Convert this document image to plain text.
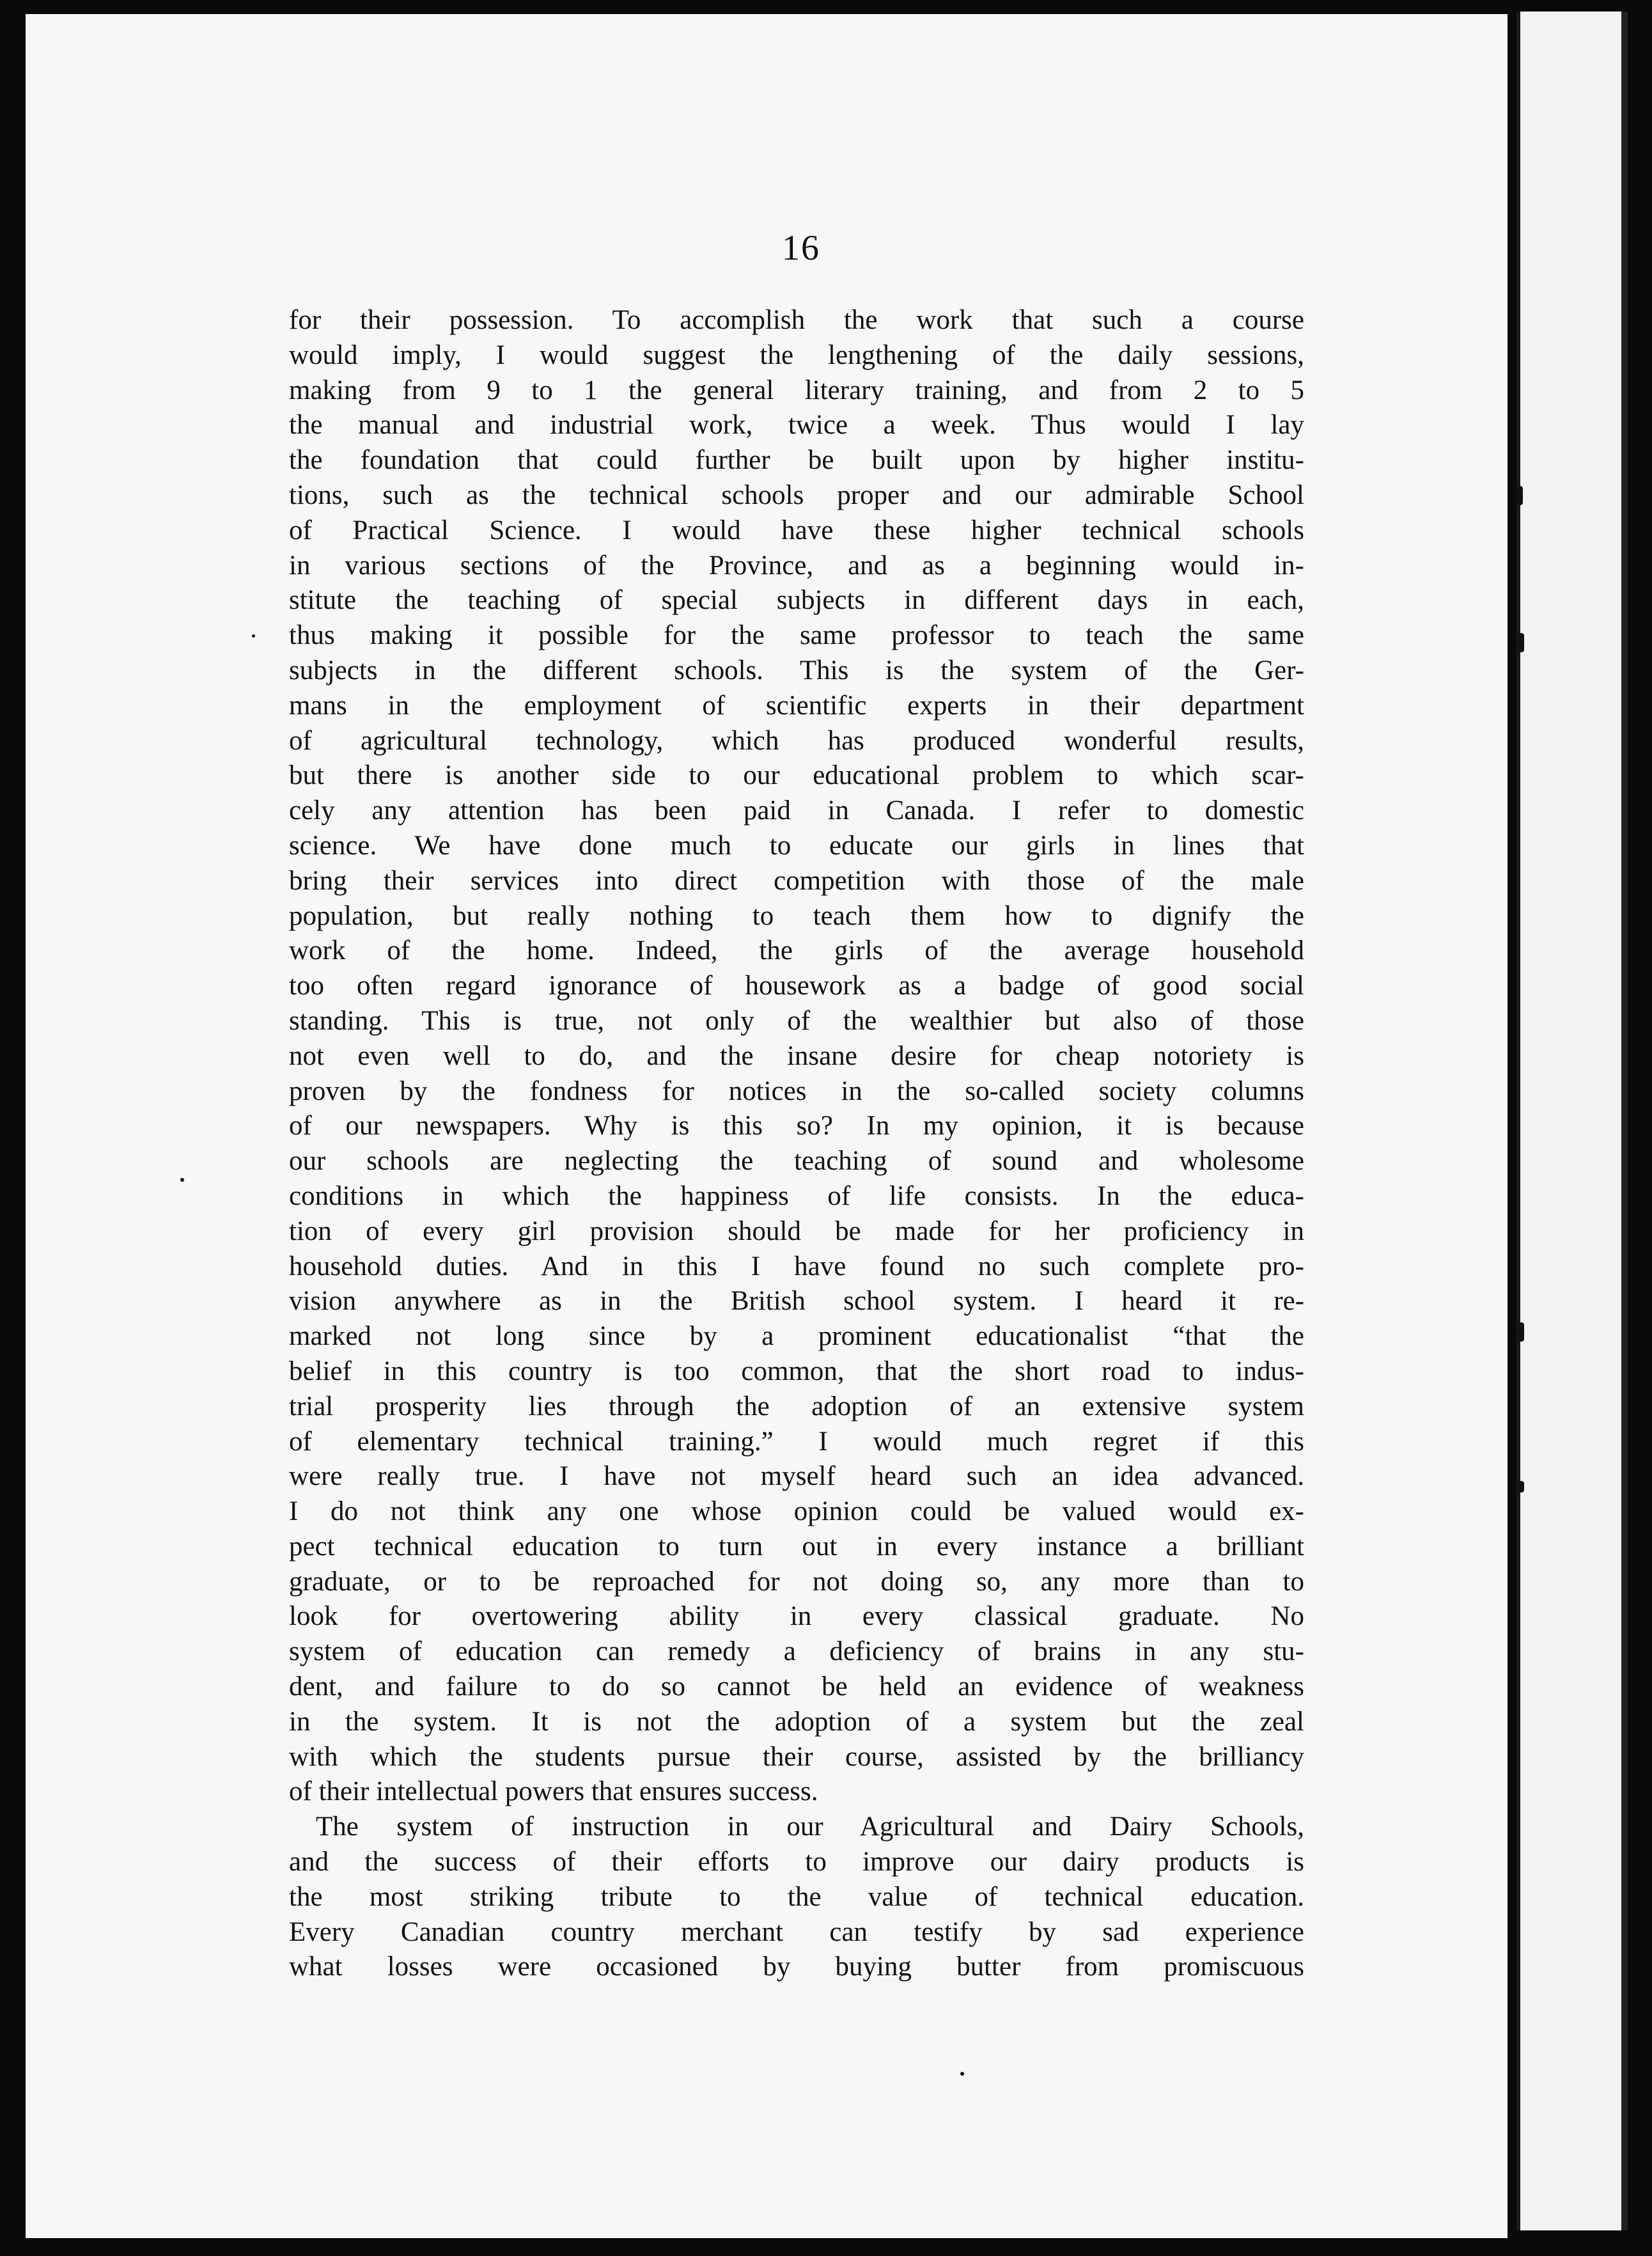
16

for their possession. To accomplish the work that such a course
would imply, I would suggest the lengthening of the daily sessions,
making from 9 to 1 the general literary training, and from 2 to 5
the manual and industrial work, twice a week. Thus would I lay
the foundation that could further be built upon by higher institu-
tions, such as the technical schools proper and our admirable School
of Practical Science. I would have these higher technical schools
in various sections of the Province, and as a beginning would in-
stitute the teaching of special subjects in different days in each,
thus making it possible for the same professor to teach the same
subjects in the different schools. This is the system of the Ger-
mans in the employment of scientific experts in their department
of agricultural technology, which has produced wonderful results,
but there is another side to our educational problem to which scar-
cely any attention has been paid in Canada. I refer to domestic
science. We have done much to educate our girls in lines that
bring their services into direct competition with those of the male
population, but really nothing to teach them how to dignify the
work of the home. Indeed, the girls of the average household
too often regard ignorance of housework as a badge of good social
standing. This is true, not only of the wealthier but also of those
not even well to do, and the insane desire for cheap notoriety is
proven by the fondness for notices in the so-called society columns
of our newspapers. Why is this so? In my opinion, it is because
our schools are neglecting the teaching of sound and wholesome
conditions in which the happiness of life consists. In the educa-
tion of every girl provision should be made for her proficiency in
household duties. And in this I have found no such complete pro-
vision anywhere as in the British school system. I heard it re-
marked not long since by a prominent educationalist “that the
belief in this country is too common, that the short road to indus-
trial prosperity lies through the adoption of an extensive system
of elementary technical training.” I would much regret if this
were really true. I have not myself heard such an idea advanced.
I do not think any one whose opinion could be valued would ex-
pect technical education to turn out in every instance a brilliant
graduate, or to be reproached for not doing so, any more than to
look for overtowering ability in every classical graduate. No
system of education can remedy a deficiency of brains in any stu-
dent, and failure to do so cannot be held an evidence of weakness
in the system. It is not the adoption of a system but the zeal
with which the students pursue their course, assisted by the brilliancy
of their intellectual powers that ensures success.

The system of instruction in our Agricultural and Dairy Schools,
and the success of their efforts to improve our dairy products is
the most striking tribute to the value of technical education.
Every Canadian country merchant can testify by sad experience
what losses were occasioned by buying butter from promiscuous
